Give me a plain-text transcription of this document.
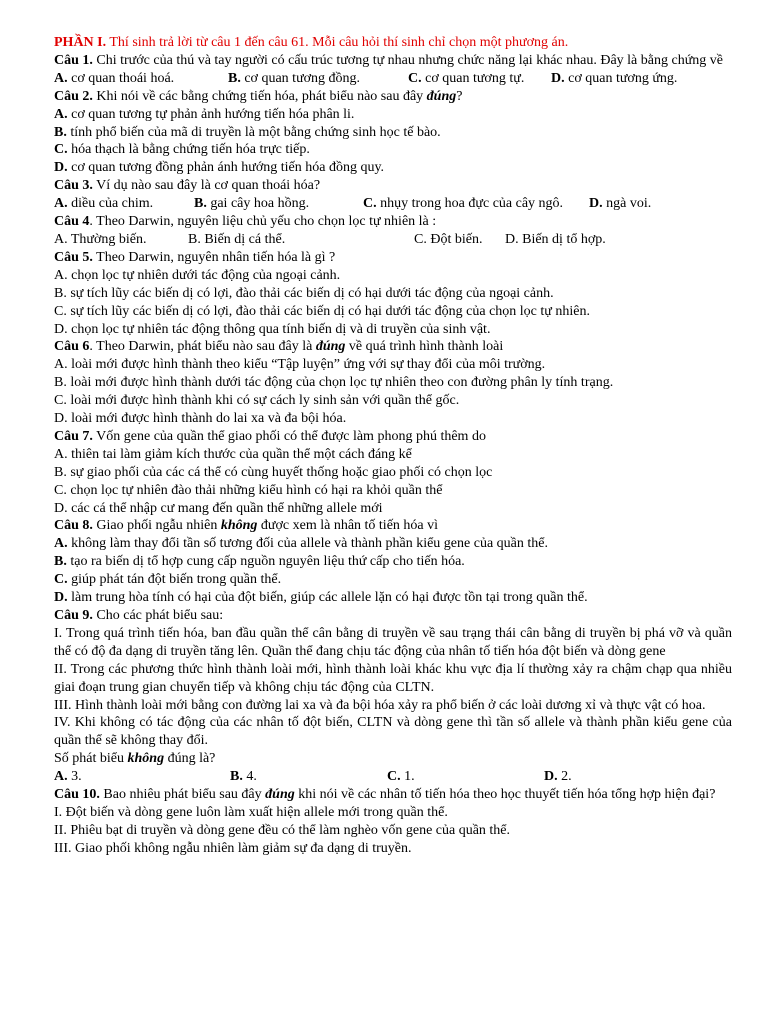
PHẦN I. Thí sinh trả lời từ câu 1 đến câu 61. Mỗi câu hỏi thí sinh chỉ chọn một phương án.
Câu 1. Chi trước của thú và tay người có cấu trúc tương tự nhau nhưng chức năng lại khác nhau. Đây là bằng chứng về
A. cơ quan thoái hoá.	B. cơ quan tương đồng.	C. cơ quan tương tự.	D. cơ quan tương ứng.
Câu 2. Khi nói về các bằng chứng tiến hóa, phát biểu nào sau đây đúng?
A. cơ quan tương tự phản ảnh hướng tiến hóa phân li.
B. tính phổ biến của mã di truyền là một bằng chứng sinh học tế bào.
C. hóa thạch là bằng chứng tiến hóa trực tiếp.
D. cơ quan tương đồng phản ánh hướng tiến hóa đồng quy.
Câu 3. Ví dụ nào sau đây là cơ quan thoái hóa?
A. diều của chim.	B. gai cây hoa hồng.	C. nhụy trong hoa đực của cây ngô.	D. ngà voi.
Câu 4. Theo Darwin, nguyên liệu chủ yếu cho chọn lọc tự nhiên là :
A. Thường biến.	B. Biến dị cá thể.	C. Đột biến.	D. Biến dị tổ hợp.
Câu 5. Theo Darwin, nguyên nhân tiến hóa là gì ?
A. chọn lọc tự nhiên dưới tác động của ngoại cảnh.
B. sự tích lũy các biến dị có lợi, đào thải các biến dị có hại dưới tác động của ngoại cảnh.
C. sự tích lũy các biến dị có lợi, đào thải các biến dị có hại dưới tác động của chọn lọc tự nhiên.
D. chọn lọc tự nhiên tác động thông qua tính biến dị và di truyền của sinh vật.
Câu 6. Theo Darwin, phát biểu nào sau đây là đúng về quá trình hình thành loài
A. loài mới được hình thành theo kiểu “Tập luyện” ứng với sự thay đổi của môi trường.
B. loài mới được hình thành dưới tác động của chọn lọc tự nhiên theo con đường phân ly tính trạng.
C. loài mới được hình thành khi có sự cách ly sinh sản với quần thể gốc.
D. loài mới được hình thành do lai xa và đa bội hóa.
Câu 7. Vốn gene của quần thể giao phối có thể được làm phong phú thêm do
A. thiên tai làm giảm kích thước của quần thể một cách đáng kể
B. sự giao phối của các cá thể có cùng huyết thống hoặc giao phối có chọn lọc
C. chọn lọc tự nhiên đào thải những kiểu hình có hại ra khỏi quần thể
D. các cá thể nhập cư mang đến quần thể những allele mới
Câu 8. Giao phối ngẫu nhiên không được xem là nhân tố tiến hóa vì
A. không làm thay đổi tần số tương đối của allele và thành phần kiểu gene của quần thể.
B. tạo ra biến dị tổ hợp cung cấp nguồn nguyên liệu thứ cấp cho tiến hóa.
C. giúp phát tán đột biến trong quần thể.
D. làm trung hòa tính có hại của đột biến, giúp các allele lặn có hại được tồn tại trong quần thể.
Câu 9. Cho các phát biểu sau:
I. Trong quá trình tiến hóa, ban đầu quần thể cân bằng di truyền về sau trạng thái cân bằng di truyền bị phá vỡ và quần thể có độ đa dạng di truyền tăng lên. Quần thể đang chịu tác động của nhân tố tiến hóa đột biến và dòng gene
II. Trong các phương thức hình thành loài mới, hình thành loài khác khu vực địa lí thường xảy ra chậm chạp qua nhiều giai đoạn trung gian chuyển tiếp và không chịu tác động của CLTN.
III. Hình thành loài mới bằng con đường lai xa và đa bội hóa xảy ra phổ biến ở các loài dương xỉ và thực vật có hoa.
IV. Khi không có tác động của các nhân tố đột biến, CLTN và dòng gene thì tần số allele và thành phần kiểu gene của quần thể sẽ không thay đổi.
Số phát biểu không đúng là?
A. 3.	B. 4.	C. 1.	D. 2.
Câu 10. Bao nhiêu phát biểu sau đây đúng khi nói về các nhân tố tiến hóa theo học thuyết tiến hóa tổng hợp hiện đại?
I. Đột biến và dòng gene luôn làm xuất hiện allele mới trong quần thể.
II. Phiêu bạt di truyền và dòng gene đều có thể làm nghèo vốn gene của quần thể.
III. Giao phối không ngẫu nhiên làm giảm sự đa dạng di truyền.
